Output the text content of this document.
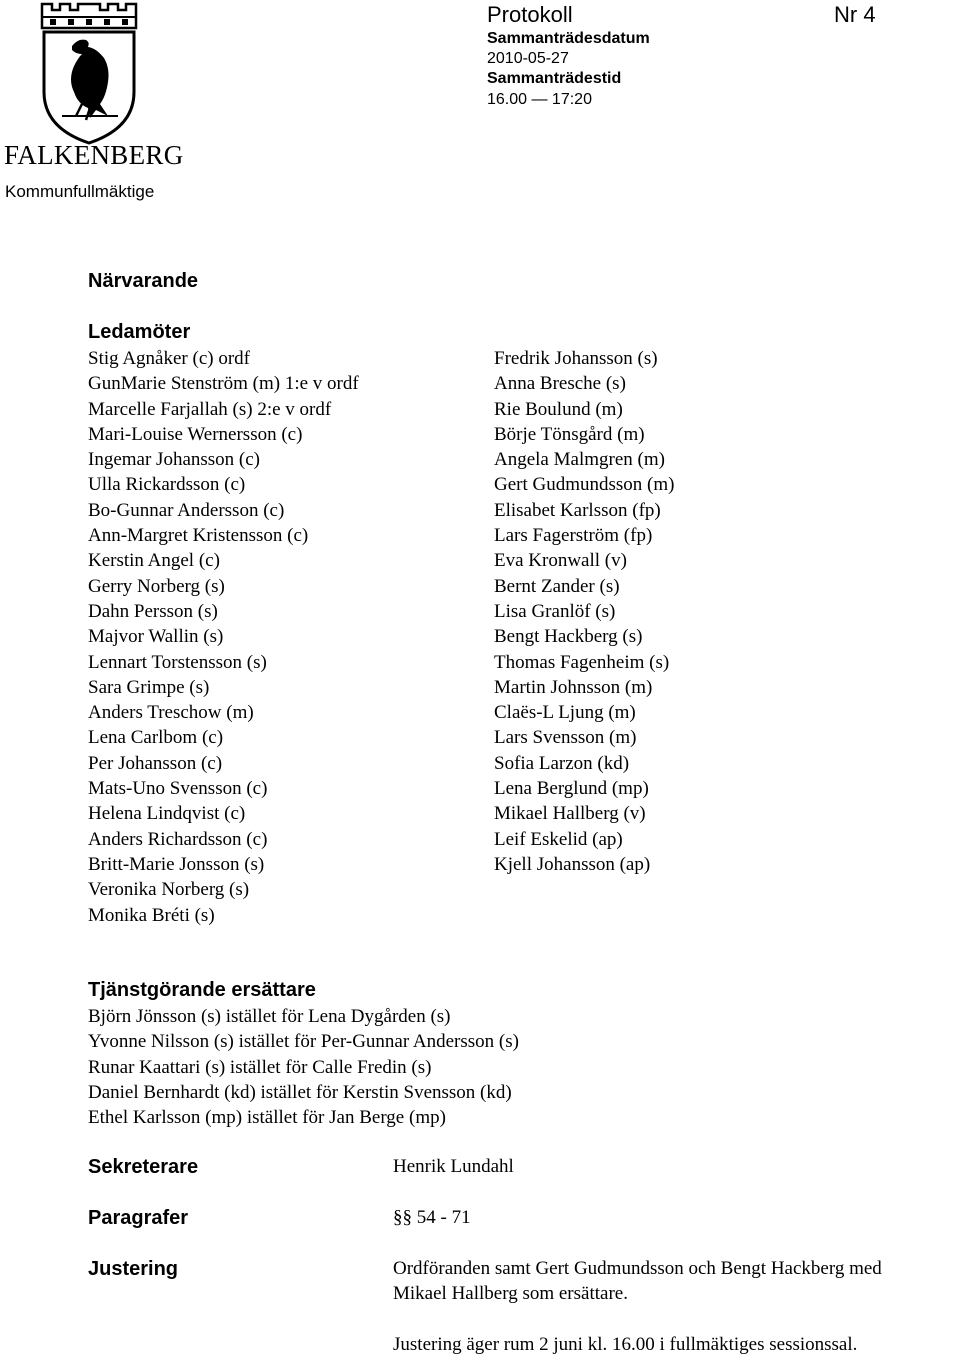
FALKENBERG
Kommunfullmäktige
Protokoll	Nr 4
Sammanträdesdatum
2010-05-27
Sammanträdestid
16.00 — 17:20
Närvarande
Ledamöter
Stig Agnåker (c) ordf
GunMarie Stenström (m) 1:e v ordf
Marcelle Farjallah (s) 2:e v ordf
Mari-Louise Wernersson (c)
Ingemar Johansson (c)
Ulla Rickardsson (c)
Bo-Gunnar Andersson (c)
Ann-Margret Kristensson (c)
Kerstin Angel (c)
Gerry Norberg (s)
Dahn Persson (s)
Majvor Wallin (s)
Lennart Torstensson (s)
Sara Grimpe (s)
Anders Treschow (m)
Lena Carlbom (c)
Per Johansson (c)
Mats-Uno Svensson (c)
Helena Lindqvist (c)
Anders Richardsson (c)
Britt-Marie Jonsson (s)
Veronika Norberg (s)
Monika Bréti (s)
Fredrik Johansson (s)
Anna Bresche (s)
Rie Boulund (m)
Börje Tönsgård (m)
Angela Malmgren (m)
Gert Gudmundsson (m)
Elisabet Karlsson (fp)
Lars Fagerström (fp)
Eva Kronwall (v)
Bernt Zander (s)
Lisa Granlöf (s)
Bengt Hackberg (s)
Thomas Fagenheim (s)
Martin Johnsson (m)
Claës-L Ljung (m)
Lars Svensson (m)
Sofia Larzon (kd)
Lena Berglund (mp)
Mikael Hallberg (v)
Leif Eskelid (ap)
Kjell Johansson (ap)
Tjänstgörande ersättare
Björn Jönsson (s) istället för Lena Dygården (s)
Yvonne Nilsson (s) istället för Per-Gunnar Andersson (s)
Runar Kaattari (s) istället för Calle Fredin (s)
Daniel Bernhardt (kd) istället för Kerstin Svensson (kd)
Ethel Karlsson (mp) istället för Jan Berge (mp)
Sekreterare	Henrik Lundahl
Paragrafer	§§ 54 - 71
Justering	Ordföranden samt Gert Gudmundsson och Bengt Hackberg med
Mikael Hallberg som ersättare.
Justering äger rum 2 juni kl. 16.00 i fullmäktiges sessionssal.
